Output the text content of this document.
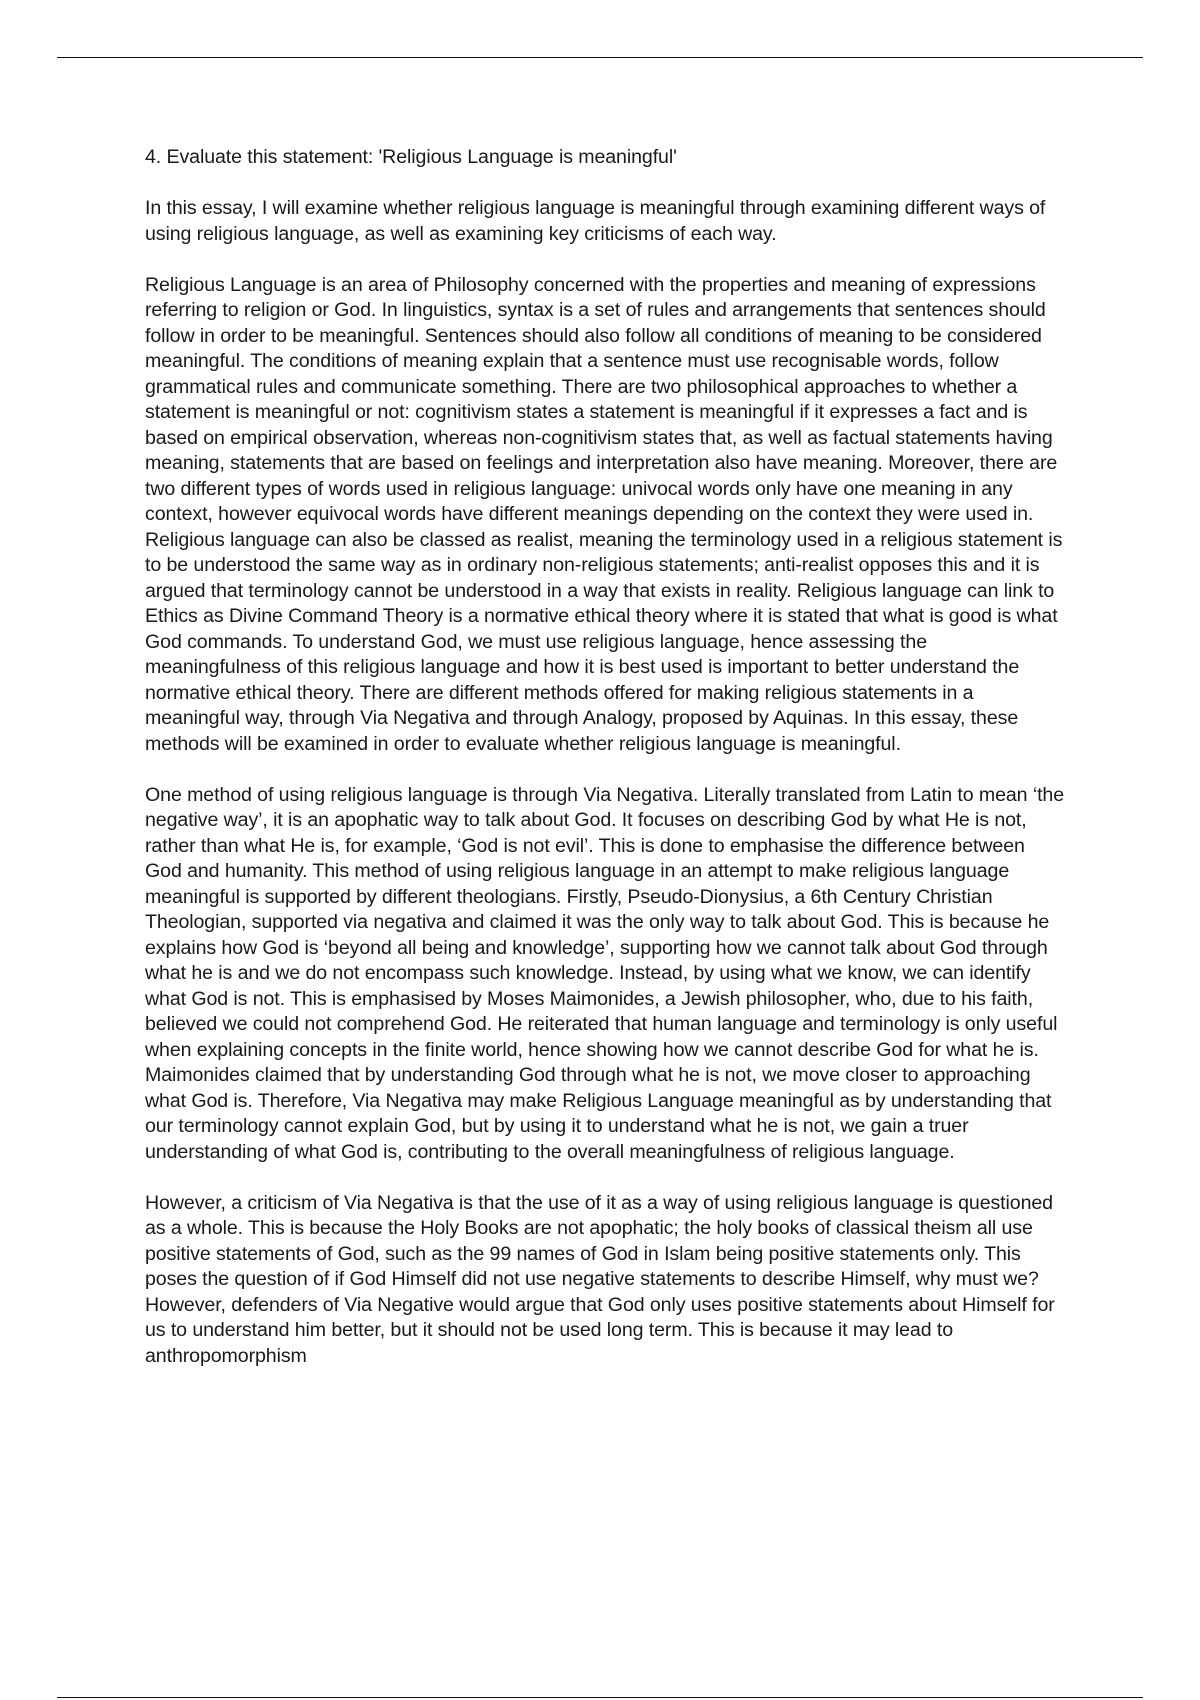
4. Evaluate this statement: 'Religious Language is meaningful'

In this essay, I will examine whether religious language is meaningful through examining different ways of using religious language, as well as examining key criticisms of each way.

Religious Language is an area of Philosophy concerned with the properties and meaning of expressions referring to religion or God. In linguistics, syntax is a set of rules and arrangements that sentences should follow in order to be meaningful. Sentences should also follow all conditions of meaning to be considered meaningful. The conditions of meaning explain that a sentence must use recognisable words, follow grammatical rules and communicate something. There are two philosophical approaches to whether a statement is meaningful or not: cognitivism states a statement is meaningful if it expresses a fact and is based on empirical observation, whereas non-cognitivism states that, as well as factual statements having meaning, statements that are based on feelings and interpretation also have meaning. Moreover, there are two different types of words used in religious language: univocal words only have one meaning in any context, however equivocal words have different meanings depending on the context they were used in. Religious language can also be classed as realist, meaning the terminology used in a religious statement is to be understood the same way as in ordinary non-religious statements; anti-realist opposes this and it is argued that terminology cannot be understood in a way that exists in reality. Religious language can link to Ethics as Divine Command Theory is a normative ethical theory where it is stated that what is good is what God commands. To understand God, we must use religious language, hence assessing the meaningfulness of this religious language and how it is best used is important to better understand the normative ethical theory. There are different methods offered for making religious statements in a meaningful way, through Via Negativa and through Analogy, proposed by Aquinas. In this essay, these methods will be examined in order to evaluate whether religious language is meaningful.

One method of using religious language is through Via Negativa. Literally translated from Latin to mean ‘the negative way’, it is an apophatic way to talk about God. It focuses on describing God by what He is not, rather than what He is, for example, ‘God is not evil’. This is done to emphasise the difference between God and humanity. This method of using religious language in an attempt to make religious language meaningful is supported by different theologians. Firstly, Pseudo-Dionysius, a 6th Century Christian Theologian, supported via negativa and claimed it was the only way to talk about God. This is because he explains how God is ‘beyond all being and knowledge’, supporting how we cannot talk about God through what he is and we do not encompass such knowledge. Instead, by using what we know, we can identify what God is not. This is emphasised by Moses Maimonides, a Jewish philosopher, who, due to his faith, believed we could not comprehend God. He reiterated that human language and terminology is only useful when explaining concepts in the finite world, hence showing how we cannot describe God for what he is. Maimonides claimed that by understanding God through what he is not, we move closer to approaching what God is. Therefore, Via Negativa may make Religious Language meaningful as by understanding that our terminology cannot explain God, but by using it to understand what he is not, we gain a truer understanding of what God is, contributing to the overall meaningfulness of religious language.

However, a criticism of Via Negativa is that the use of it as a way of using religious language is questioned as a whole. This is because the Holy Books are not apophatic; the holy books of classical theism all use positive statements of God, such as the 99 names of God in Islam being positive statements only. This poses the question of if God Himself did not use negative statements to describe Himself, why must we? However, defenders of Via Negative would argue that God only uses positive statements about Himself for us to understand him better, but it should not be used long term. This is because it may lead to anthropomorphism
